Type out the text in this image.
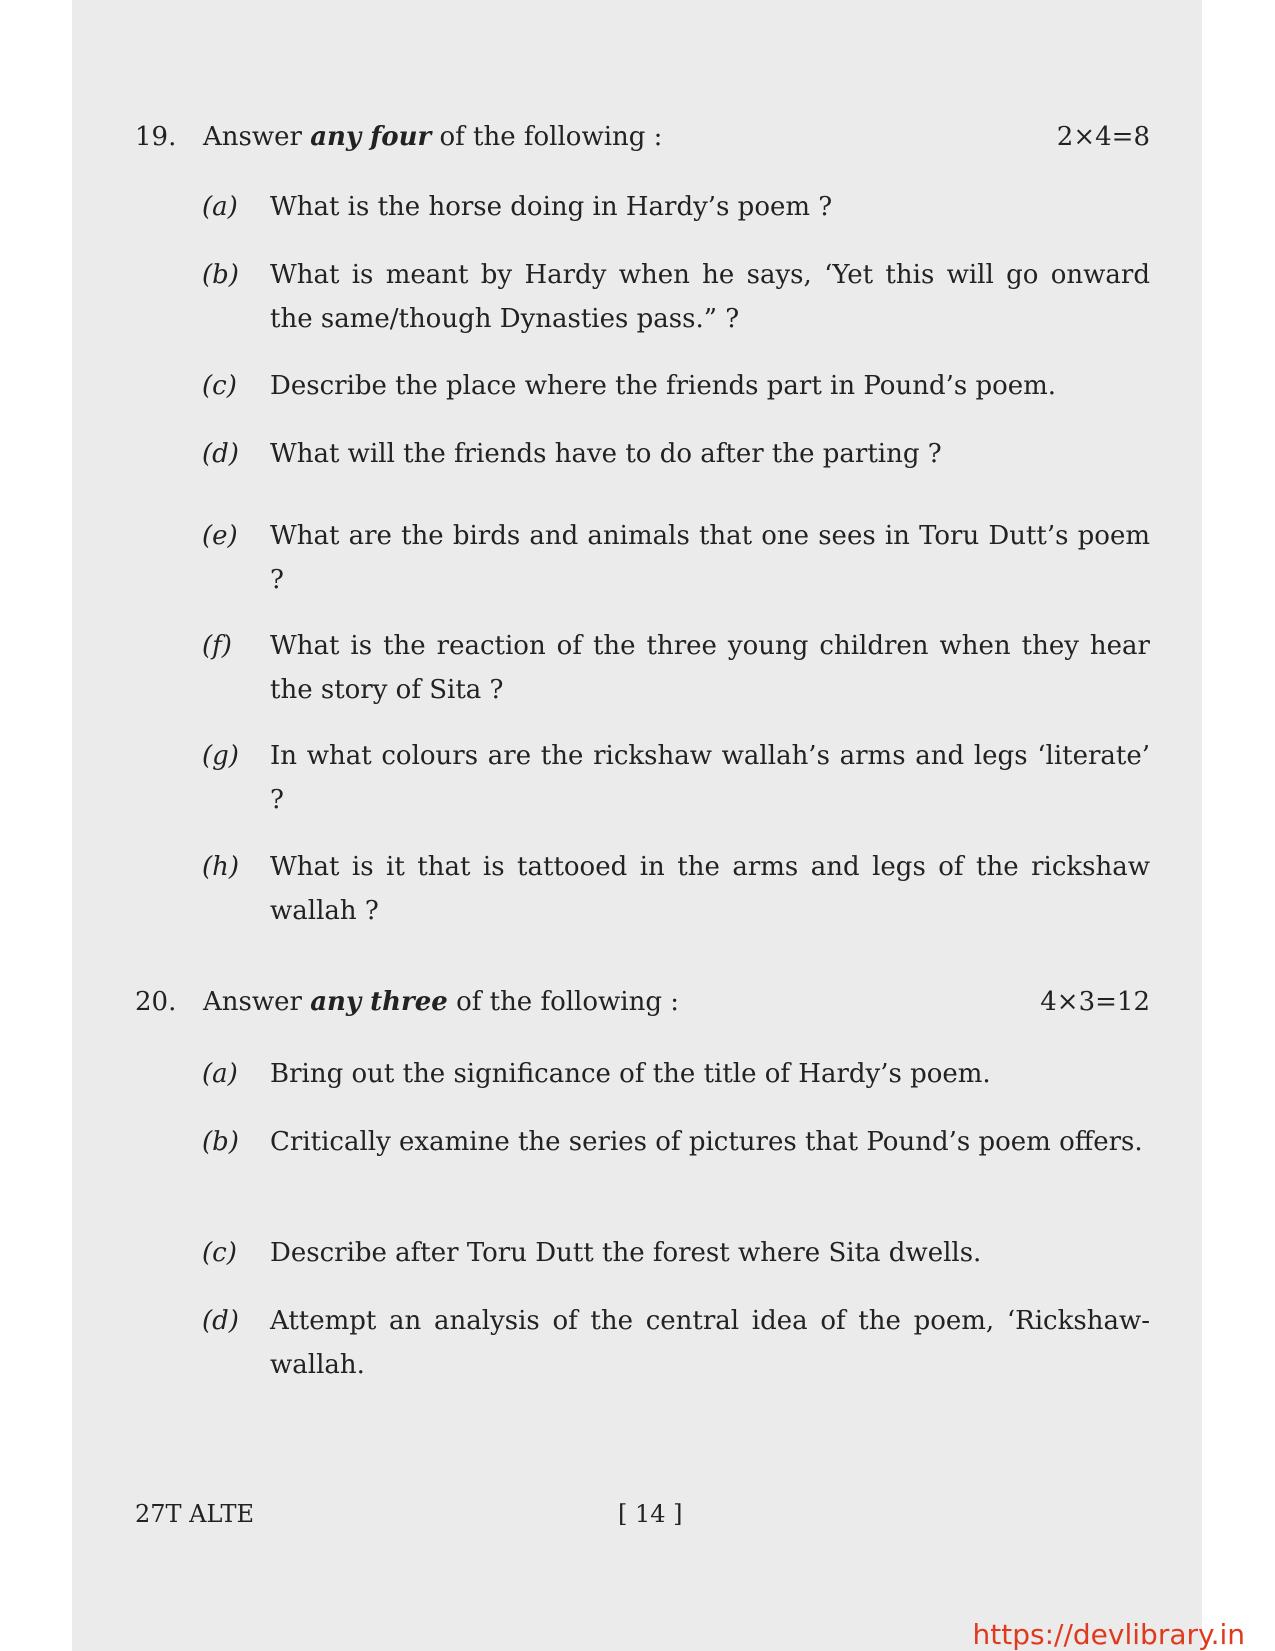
19. Answer any four of the following :	2×4=8
(a) What is the horse doing in Hardy’s poem ?
(b) What is meant by Hardy when he says, ‘Yet this will go onward the same/though Dynasties pass.” ?
(c) Describe the place where the friends part in Pound’s poem.
(d) What will the friends have to do after the parting ?
(e) What are the birds and animals that one sees in Toru Dutt’s poem ?
(f) What is the reaction of the three young children when they hear the story of Sita ?
(g) In what colours are the rickshaw wallah’s arms and legs ‘literate’ ?
(h) What is it that is tattooed in the arms and legs of the rickshaw wallah ?
20. Answer any three of the following :	4×3=12
(a) Bring out the significance of the title of Hardy’s poem.
(b) Critically examine the series of pictures that Pound’s poem offers.
(c) Describe after Toru Dutt the forest where Sita dwells.
(d) Attempt an analysis of the central idea of the poem, ‘Rickshaw-wallah.
27T ALTE	[ 14 ]
https://devlibrary.in
